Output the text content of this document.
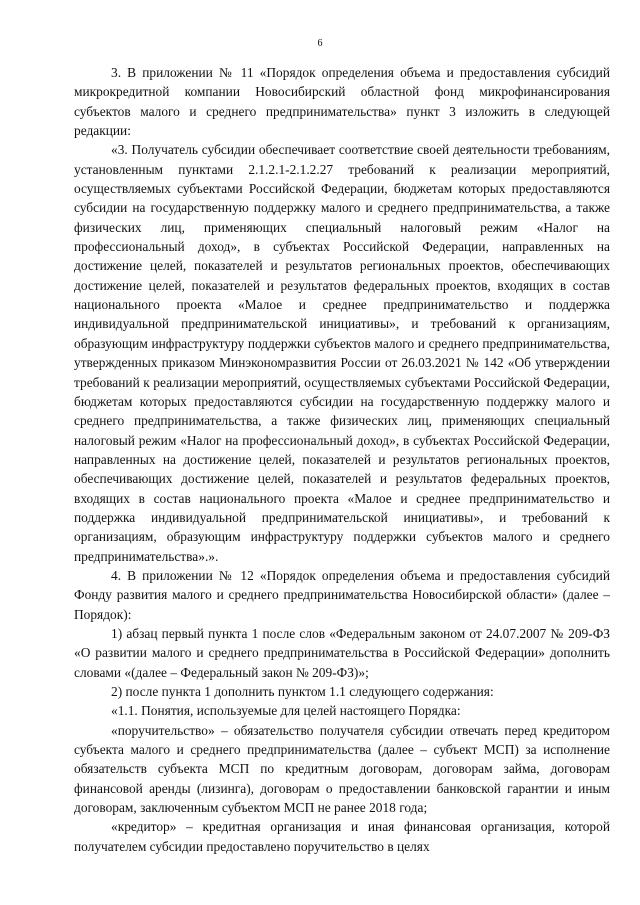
6

3. В приложении № 11 «Порядок определения объема и предоставления субсидий микрокредитной компании Новосибирский областной фонд микрофинансирования субъектов малого и среднего предпринимательства» пункт 3 изложить в следующей редакции:

«3. Получатель субсидии обеспечивает соответствие своей деятельности требованиям, установленным пунктами 2.1.2.1-2.1.2.27 требований к реализации мероприятий, осуществляемых субъектами Российской Федерации, бюджетам которых предоставляются субсидии на государственную поддержку малого и среднего предпринимательства, а также физических лиц, применяющих специальный налоговый режим «Налог на профессиональный доход», в субъектах Российской Федерации, направленных на достижение целей, показателей и результатов региональных проектов, обеспечивающих достижение целей, показателей и результатов федеральных проектов, входящих в состав национального проекта «Малое и среднее предпринимательство и поддержка индивидуальной предпринимательской инициативы», и требований к организациям, образующим инфраструктуру поддержки субъектов малого и среднего предпринимательства, утвержденных приказом Минэкономразвития России от 26.03.2021 № 142 «Об утверждении требований к реализации мероприятий, осуществляемых субъектами Российской Федерации, бюджетам которых предоставляются субсидии на государственную поддержку малого и среднего предпринимательства, а также физических лиц, применяющих специальный налоговый режим «Налог на профессиональный доход», в субъектах Российской Федерации, направленных на достижение целей, показателей и результатов региональных проектов, обеспечивающих достижение целей, показателей и результатов федеральных проектов, входящих в состав национального проекта «Малое и среднее предпринимательство и поддержка индивидуальной предпринимательской инициативы», и требований к организациям, образующим инфраструктуру поддержки субъектов малого и среднего предпринимательства».».

4. В приложении № 12 «Порядок определения объема и предоставления субсидий Фонду развития малого и среднего предпринимательства Новосибирской области» (далее – Порядок):

1) абзац первый пункта 1 после слов «Федеральным законом от 24.07.2007 № 209-ФЗ «О развитии малого и среднего предпринимательства в Российской Федерации» дополнить словами «(далее – Федеральный закон № 209-ФЗ)»;

2) после пункта 1 дополнить пунктом 1.1 следующего содержания:

«1.1. Понятия, используемые для целей настоящего Порядка:

«поручительство» – обязательство получателя субсидии отвечать перед кредитором субъекта малого и среднего предпринимательства (далее – субъект МСП) за исполнение обязательств субъекта МСП по кредитным договорам, договорам займа, договорам финансовой аренды (лизинга), договорам о предоставлении банковской гарантии и иным договорам, заключенным субъектом МСП не ранее 2018 года;

«кредитор» – кредитная организация и иная финансовая организация, которой получателем субсидии предоставлено поручительство в целях
